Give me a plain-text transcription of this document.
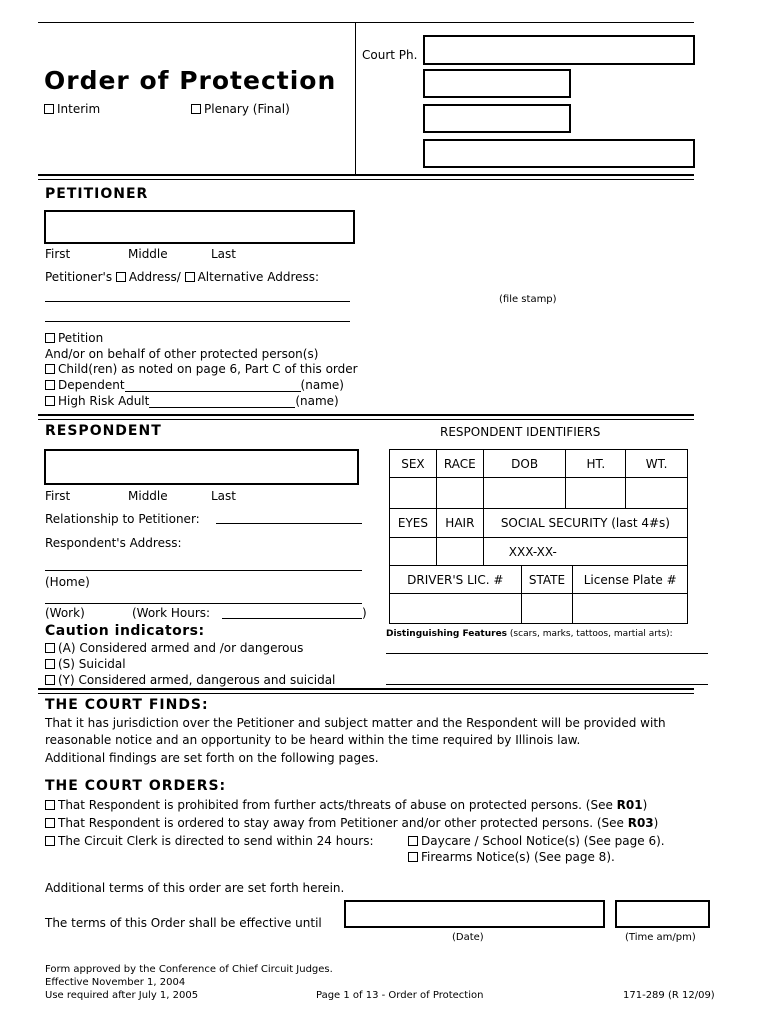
Court Ph.
Order of Protection
Interim	Plenary (Final)
PETITIONER
First	Middle	Last
Petitioner's Address/ Alternative Address:
(file stamp)
Petition
And/or on behalf of other protected person(s)
Child(ren) as noted on page 6, Part C of this order
Dependent	(name)
High Risk Adult	(name)
RESPONDENT	RESPONDENT IDENTIFIERS
First	Middle	Last
Relationship to Petitioner:
Respondent's Address:
(Home)
(Work)	(Work Hours:	)
Caution indicators:
(A) Considered armed and /or dangerous
(S) Suicidal
(Y) Considered armed, dangerous and suicidal
SEX	RACE	DOB	HT.	WT.

EYES	HAIR	SOCIAL SECURITY (last 4#s)
		XXX-XX-
DRIVER'S LIC. #	STATE	License Plate #

Distinguishing Features (scars, marks, tattoos, martial arts):
THE COURT FINDS:
That it has jurisdiction over the Petitioner and subject matter and the Respondent will be provided with
reasonable notice and an opportunity to be heard within the time required by Illinois law.
Additional findings are set forth on the following pages.
THE COURT ORDERS:
That Respondent is prohibited from further acts/threats of abuse on protected persons. (See R01)
That Respondent is ordered to stay away from Petitioner and/or other protected persons. (See R03)
The Circuit Clerk is directed to send within 24 hours:	Daycare / School Notice(s) (See page 6).
Firearms Notice(s) (See page 8).
Additional terms of this order are set forth herein.
The terms of this Order shall be effective until
(Date)	(Time am/pm)
Form approved by the Conference of Chief Circuit Judges.
Effective November 1, 2004
Use required after July 1, 2005	Page 1 of 13 - Order of Protection	171-289 (R 12/09)
